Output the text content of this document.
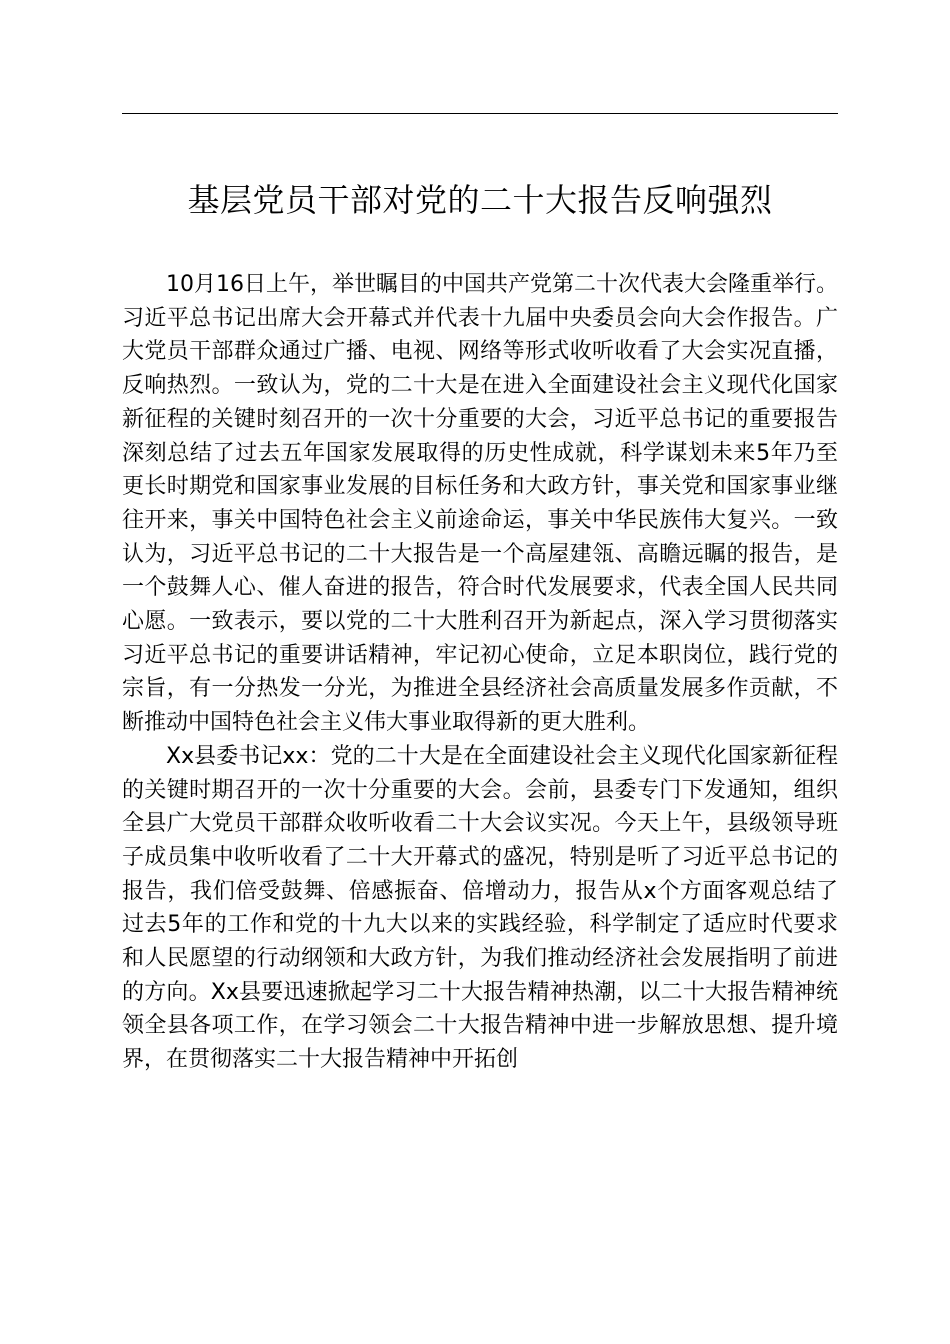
基层党员干部对党的二十大报告反响强烈

10月16日上午，举世瞩目的中国共产党第二十次代表大会隆重举行。习近平总书记出席大会开幕式并代表十九届中央委员会向大会作报告。广大党员干部群众通过广播、电视、网络等形式收听收看了大会实况直播，反响热烈。一致认为，党的二十大是在进入全面建设社会主义现代化国家新征程的关键时刻召开的一次十分重要的大会，习近平总书记的重要报告深刻总结了过去五年国家发展取得的历史性成就，科学谋划未来5年乃至更长时期党和国家事业发展的目标任务和大政方针，事关党和国家事业继往开来，事关中国特色社会主义前途命运，事关中华民族伟大复兴。一致认为，习近平总书记的二十大报告是一个高屋建瓴、高瞻远瞩的报告，是一个鼓舞人心、催人奋进的报告，符合时代发展要求，代表全国人民共同心愿。一致表示，要以党的二十大胜利召开为新起点，深入学习贯彻落实习近平总书记的重要讲话精神，牢记初心使命，立足本职岗位，践行党的宗旨，有一分热发一分光，为推进全县经济社会高质量发展多作贡献，不断推动中国特色社会主义伟大事业取得新的更大胜利。

Xx县委书记xx：党的二十大是在全面建设社会主义现代化国家新征程的关键时期召开的一次十分重要的大会。会前，县委专门下发通知，组织全县广大党员干部群众收听收看二十大会议实况。今天上午，县级领导班子成员集中收听收看了二十大开幕式的盛况，特别是听了习近平总书记的报告，我们倍受鼓舞、倍感振奋、倍增动力，报告从x个方面客观总结了过去5年的工作和党的十九大以来的实践经验，科学制定了适应时代要求和人民愿望的行动纲领和大政方针，为我们推动经济社会发展指明了前进的方向。Xx县要迅速掀起学习二十大报告精神热潮，以二十大报告精神统领全县各项工作，在学习领会二十大报告精神中进一步解放思想、提升境界，在贯彻落实二十大报告精神中开拓创
